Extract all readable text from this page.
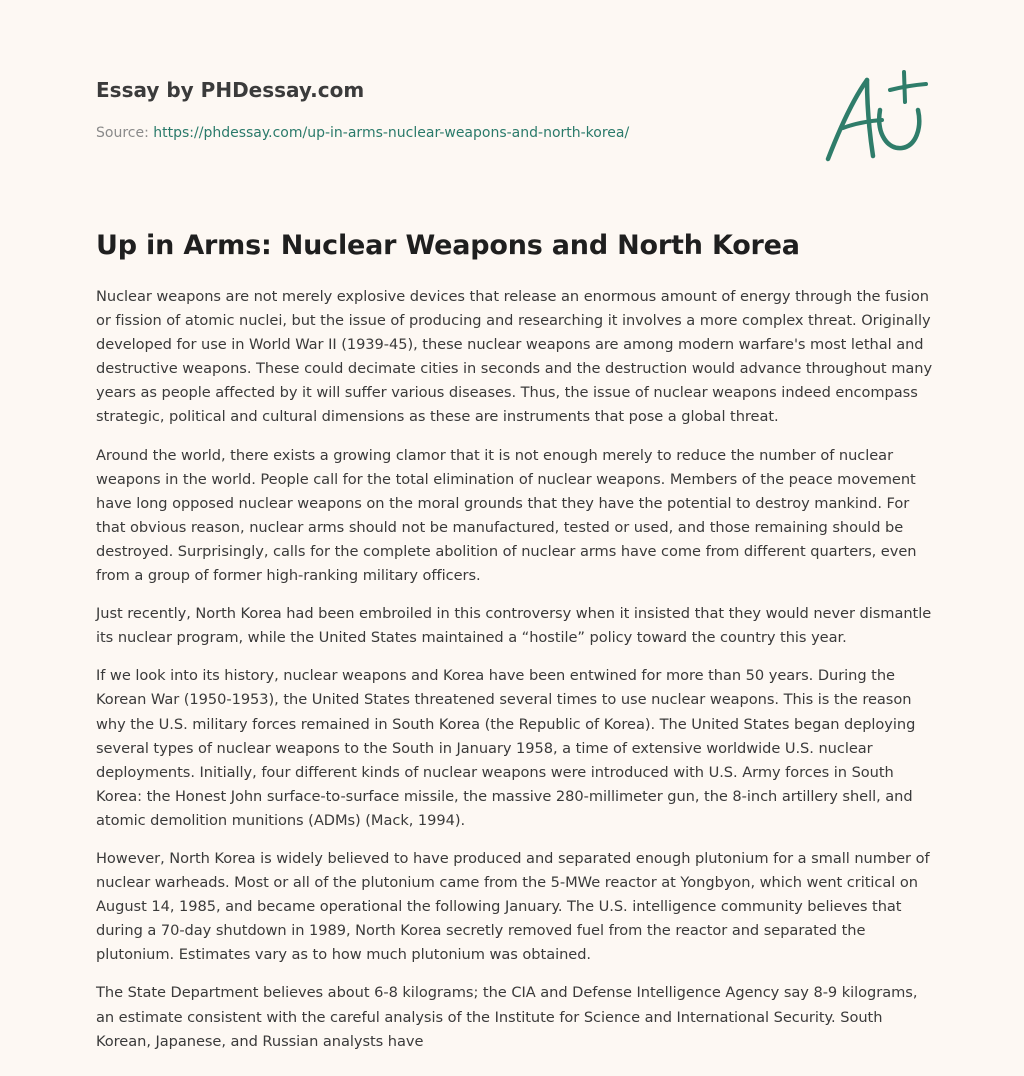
Essay by PHDessay.com
Source: https://phdessay.com/up-in-arms-nuclear-weapons-and-north-korea/
Up in Arms: Nuclear Weapons and North Korea

Nuclear weapons are not merely explosive devices that release an enormous amount of energy through the fusion or fission of atomic nuclei, but the issue of producing and researching it involves a more complex threat. Originally developed for use in World War II (1939-45), these nuclear weapons are among modern warfare's most lethal and destructive weapons. These could decimate cities in seconds and the destruction would advance throughout many years as people affected by it will suffer various diseases. Thus, the issue of nuclear weapons indeed encompass strategic, political and cultural dimensions as these are instruments that pose a global threat.

Around the world, there exists a growing clamor that it is not enough merely to reduce the number of nuclear weapons in the world. People call for the total elimination of nuclear weapons. Members of the peace movement have long opposed nuclear weapons on the moral grounds that they have the potential to destroy mankind. For that obvious reason, nuclear arms should not be manufactured, tested or used, and those remaining should be destroyed. Surprisingly, calls for the complete abolition of nuclear arms have come from different quarters, even from a group of former high-ranking military officers.

Just recently, North Korea had been embroiled in this controversy when it insisted that they would never dismantle its nuclear program, while the United States maintained a “hostile” policy toward the country this year.

If we look into its history, nuclear weapons and Korea have been entwined for more than 50 years. During the Korean War (1950-1953), the United States threatened several times to use nuclear weapons. This is the reason why the U.S. military forces remained in South Korea (the Republic of Korea). The United States began deploying several types of nuclear weapons to the South in January 1958, a time of extensive worldwide U.S. nuclear deployments. Initially, four different kinds of nuclear weapons were introduced with U.S. Army forces in South Korea: the Honest John surface-to-surface missile, the massive 280-millimeter gun, the 8-inch artillery shell, and atomic demolition munitions (ADMs) (Mack, 1994).

However, North Korea is widely believed to have produced and separated enough plutonium for a small number of nuclear warheads. Most or all of the plutonium came from the 5-MWe reactor at Yongbyon, which went critical on August 14, 1985, and became operational the following January. The U.S. intelligence community believes that during a 70-day shutdown in 1989, North Korea secretly removed fuel from the reactor and separated the plutonium. Estimates vary as to how much plutonium was obtained.

The State Department believes about 6-8 kilograms; the CIA and Defense Intelligence Agency say 8-9 kilograms, an estimate consistent with the careful analysis of the Institute for Science and International Security. South Korean, Japanese, and Russian analysts have
